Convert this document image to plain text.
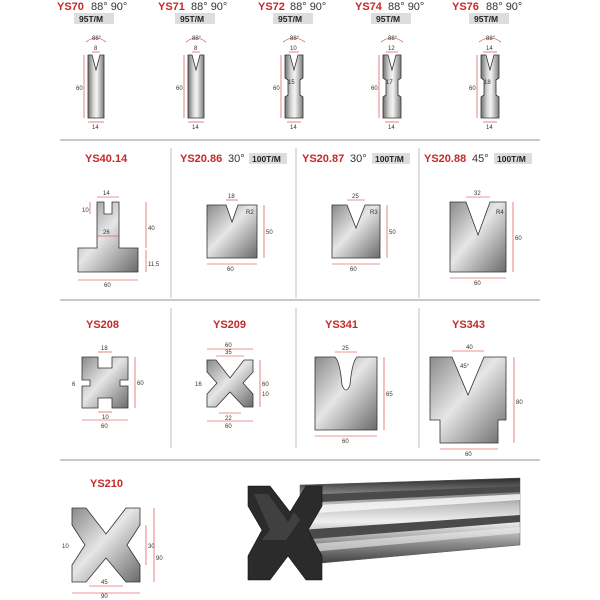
YS70 88° 90°
95T/M
YS71 88° 90°
95T/M
YS72 88° 90°
95T/M
YS74 88° 90°
95T/M
YS76 88° 90°
95T/M
88°
8
60
14
88°
8
60
14
88°
10
60
15
14
88°
12
60
17
14
88°
14
60
18
14
YS40.14
14
10
40
26
11.5
60
YS20.86 30° 100T/M
18
R2
50
60
YS20.87 30° 100T/M
25
R3
50
60
YS20.88 45° 100T/M
32
R4
60
60
YS208
18
6	60
10
60
YS209
60
35
16	60
10
22
60
YS341
25
65
60
YS343
40
45°
80
60
YS210
10	30
90
45
90
